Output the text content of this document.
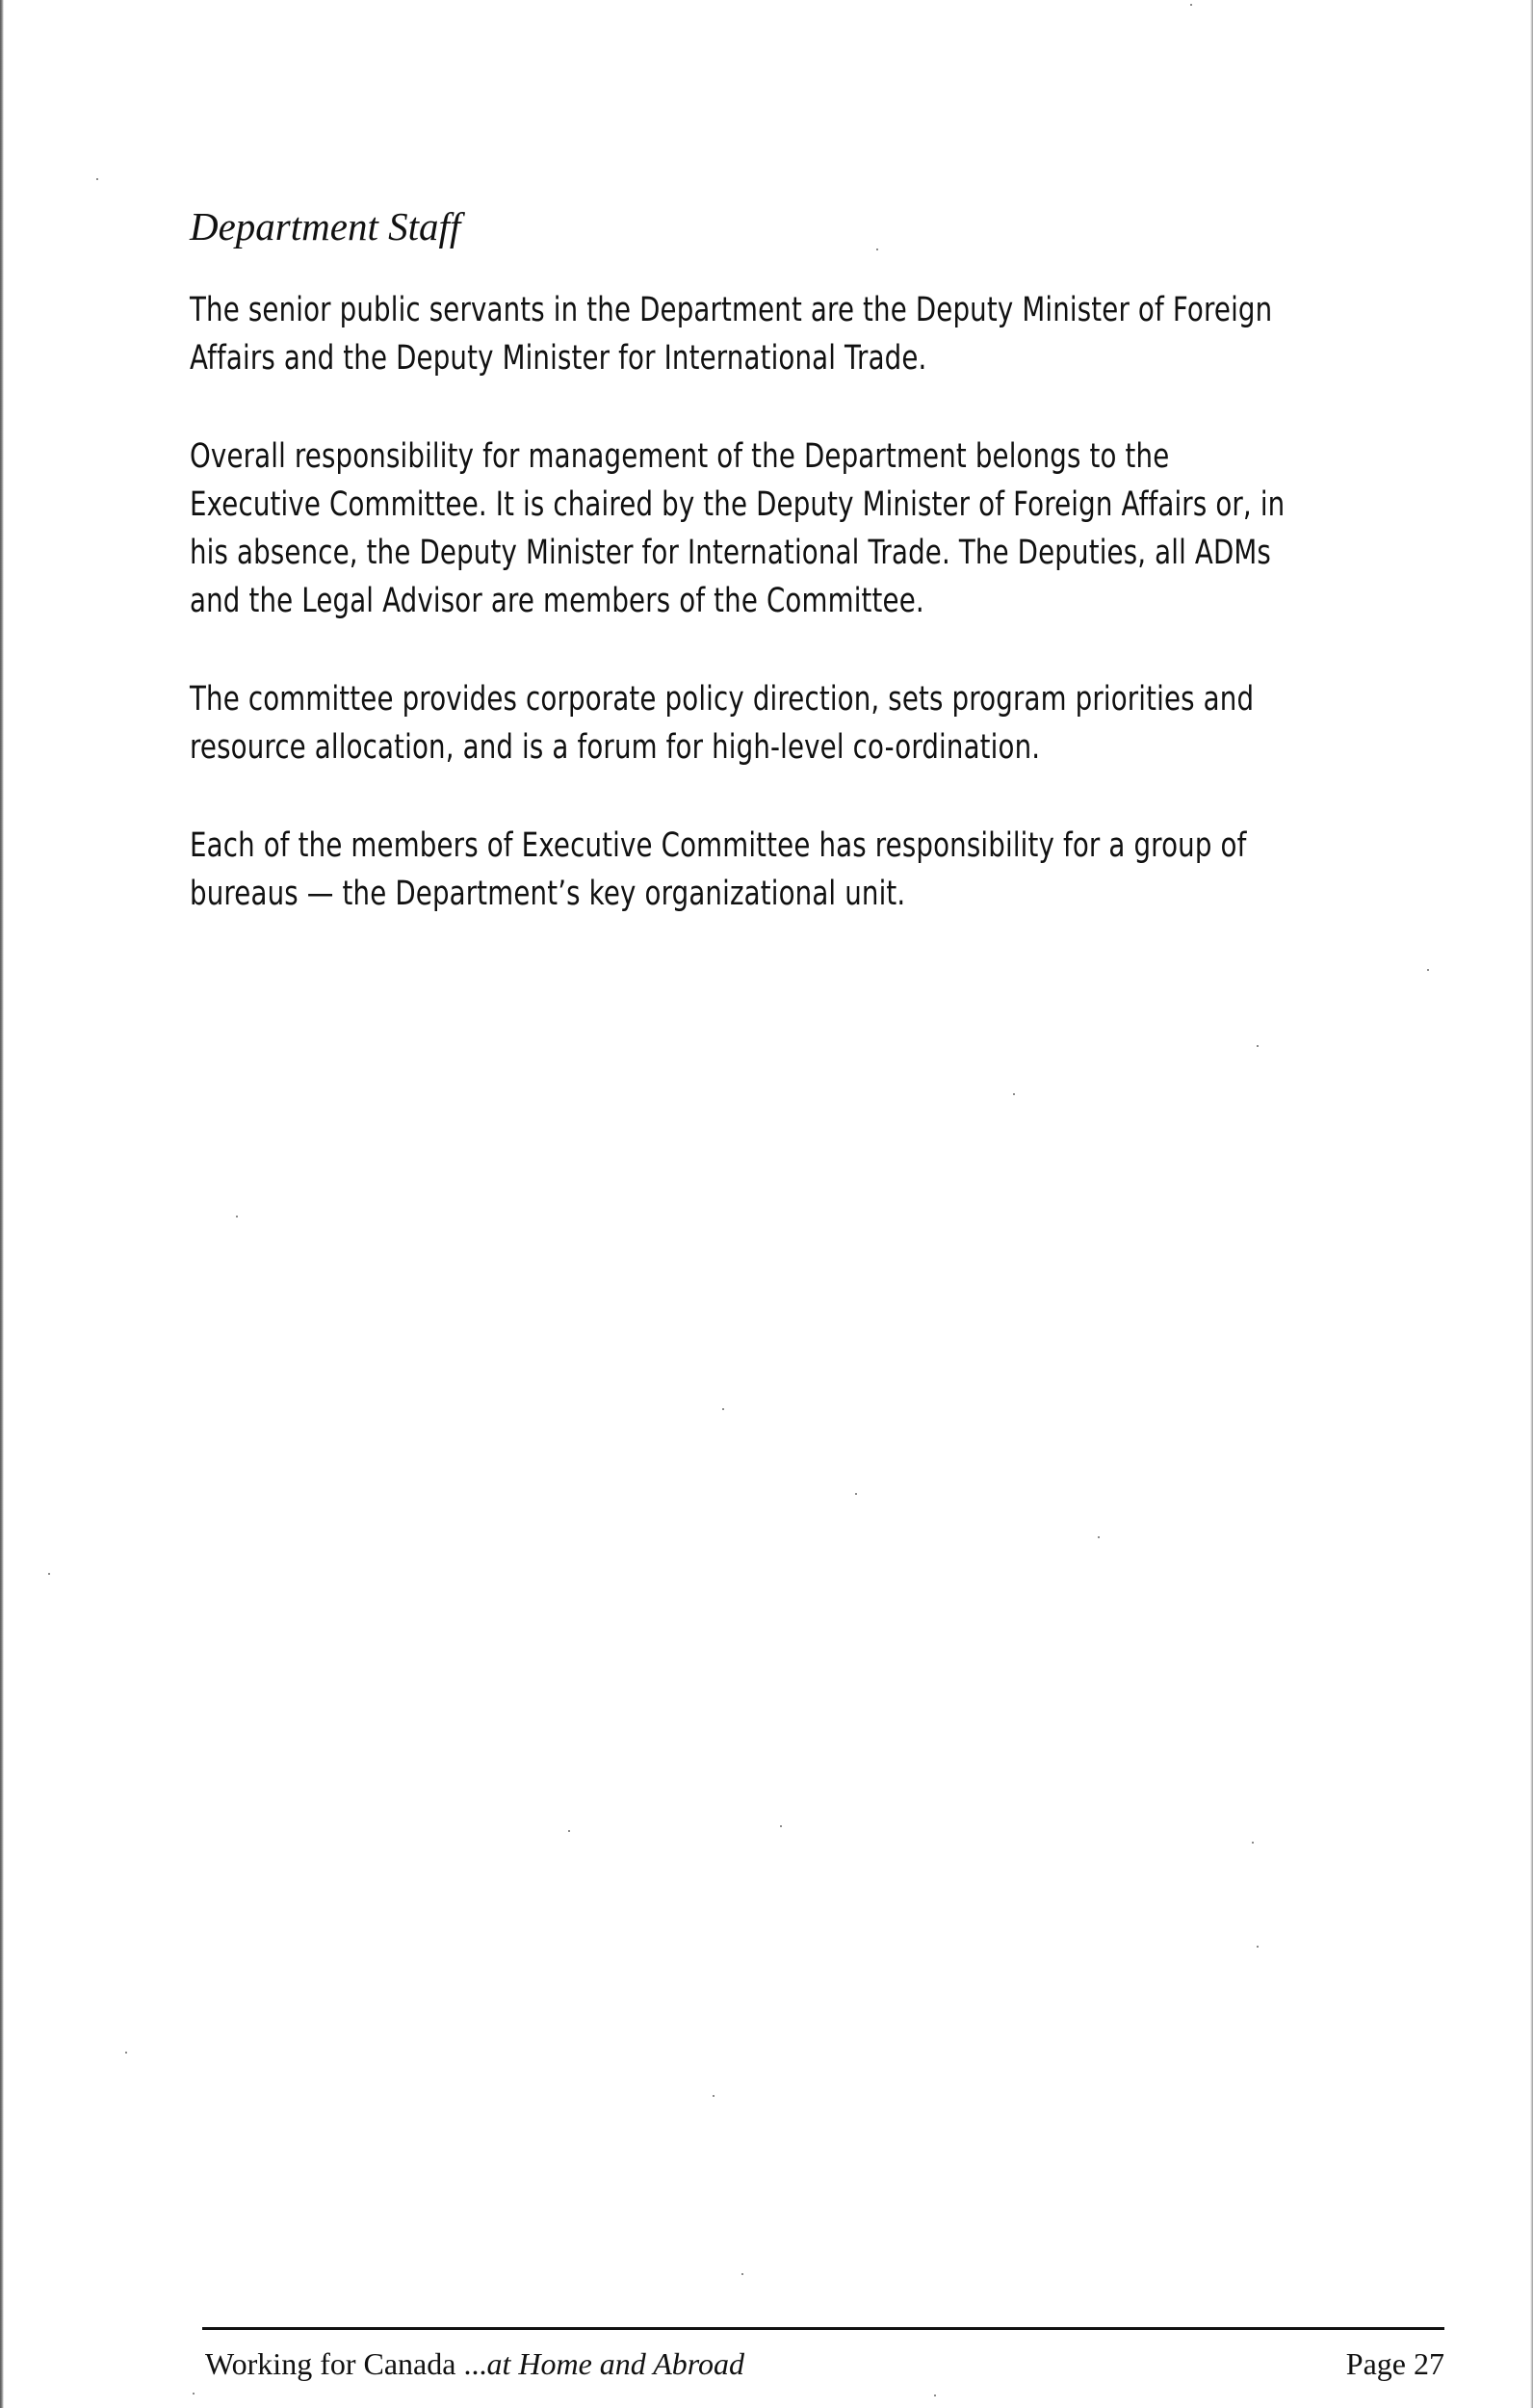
Department Staff
The senior public servants in the Department are the Deputy Minister of Foreign
Affairs and the Deputy Minister for International Trade.
Overall responsibility for management of the Department belongs to the
Executive Committee. It is chaired by the Deputy Minister of Foreign Affairs or, in
his absence, the Deputy Minister for International Trade. The Deputies, all ADMs
and the Legal Advisor are members of the Committee.
The committee provides corporate policy direction, sets program priorities and
resource allocation, and is a forum for high-level co-ordination.
Each of the members of Executive Committee has responsibility for a group of
bureaus — the Department’s key organizational unit.
Working for Canada ...at Home and Abroad	Page 27
